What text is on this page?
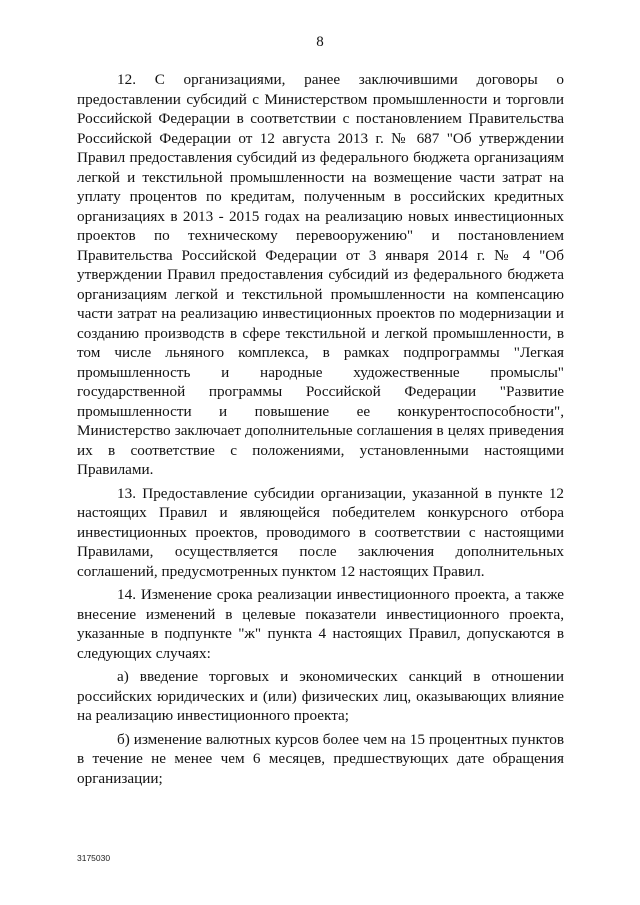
8

12. С организациями, ранее заключившими договоры о предоставлении субсидий с Министерством промышленности и торговли Российской Федерации в соответствии с постановлением Правительства Российской Федерации от 12 августа 2013 г. № 687 "Об утверждении Правил предоставления субсидий из федерального бюджета организациям легкой и текстильной промышленности на возмещение части затрат на уплату процентов по кредитам, полученным в российских кредитных организациях в 2013 - 2015 годах на реализацию новых инвестиционных проектов по техническому перевооружению" и постановлением Правительства Российской Федерации от 3 января 2014 г. № 4 "Об утверждении Правил предоставления субсидий из федерального бюджета организациям легкой и текстильной промышленности на компенсацию части затрат на реализацию инвестиционных проектов по модернизации и созданию производств в сфере текстильной и легкой промышленности, в том числе льняного комплекса, в рамках подпрограммы "Легкая промышленность и народные художественные промыслы" государственной программы Российской Федерации "Развитие промышленности и повышение ее конкурентоспособности", Министерство заключает дополнительные соглашения в целях приведения их в соответствие с положениями, установленными настоящими Правилами.

13. Предоставление субсидии организации, указанной в пункте 12 настоящих Правил и являющейся победителем конкурсного отбора инвестиционных проектов, проводимого в соответствии с настоящими Правилами, осуществляется после заключения дополнительных соглашений, предусмотренных пунктом 12 настоящих Правил.

14. Изменение срока реализации инвестиционного проекта, а также внесение изменений в целевые показатели инвестиционного проекта, указанные в подпункте "ж" пункта 4 настоящих Правил, допускаются в следующих случаях:

а) введение торговых и экономических санкций в отношении российских юридических и (или) физических лиц, оказывающих влияние на реализацию инвестиционного проекта;

б) изменение валютных курсов более чем на 15 процентных пунктов в течение не менее чем 6 месяцев, предшествующих дате обращения организации;

3175030
